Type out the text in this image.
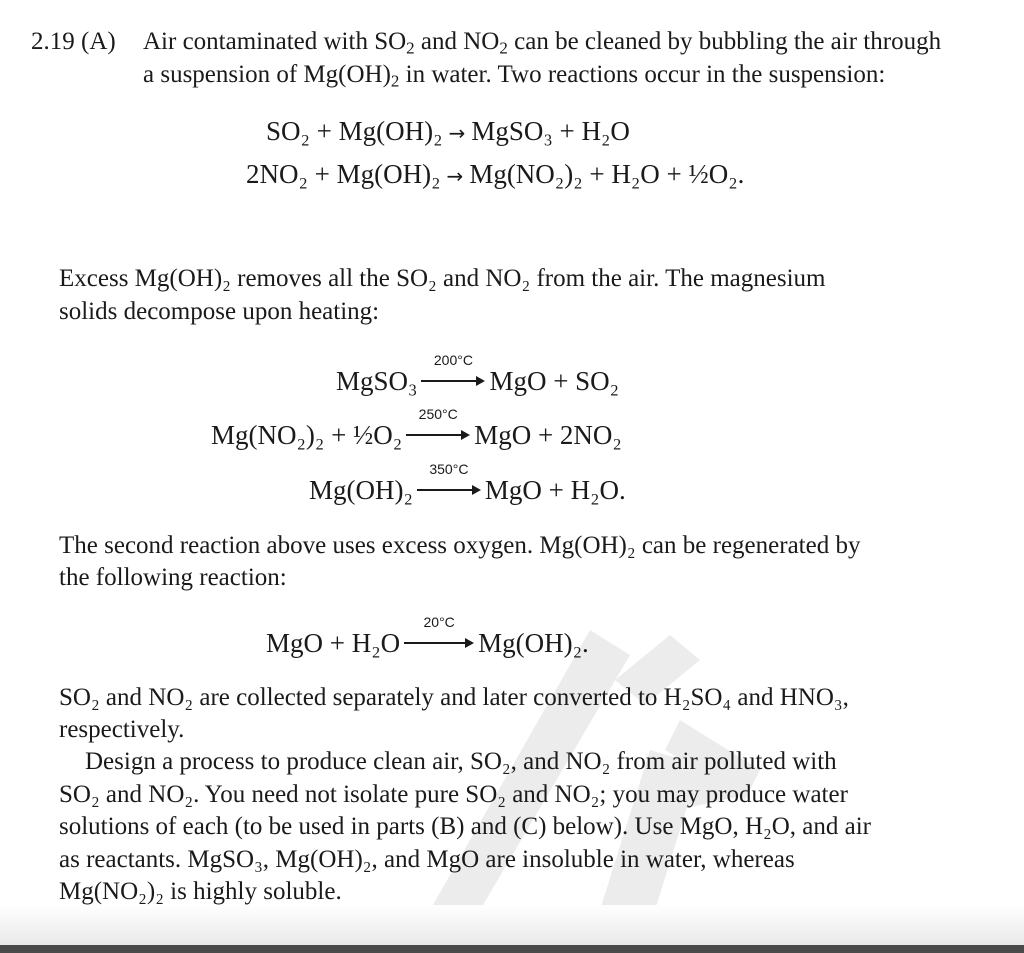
2.19 (A) Air contaminated with $SO_2$ and $NO_2$ can be cleaned by bubbling the air through
a suspension of $Mg(OH)_2$ in water. Two reactions occur in the suspension:
SO₂ + Mg(OH)₂ → MgSO₃ + H₂O
2NO₂ + Mg(OH)₂ → Mg(NO₂)₂ + H₂O + ½O₂.
Excess Mg(OH)₂ removes all the SO₂ and NO₂ from the air. The magnesium
solids decompose upon heating:
MgSO₃
200°C
MgO + SO₂
Mg(NO₂)₂ + ½O₂
250°C
MgO + 2NO₂
Mg(OH)₂
350°C
MgO + H₂O.
The second reaction above uses excess oxygen. Mg(OH)₂ can be regenerated by
the following reaction:
MgO + H₂O
20°C
Mg(OH)₂.
SO₂ and NO₂ are collected separately and later converted to H₂SO₄ and HNO₃,
respectively.
Design a process to produce clean air, SO₂, and NO₂ from air polluted with
SO₂ and NO₂. You need not isolate pure SO₂ and NO₂; you may produce water
solutions of each (to be used in parts (B) and (C) below). Use MgO, H₂O, and air
as reactants. MgSO₃, Mg(OH)₂, and MgO are insoluble in water, whereas
Mg(NO₂)₂ is highly soluble.
